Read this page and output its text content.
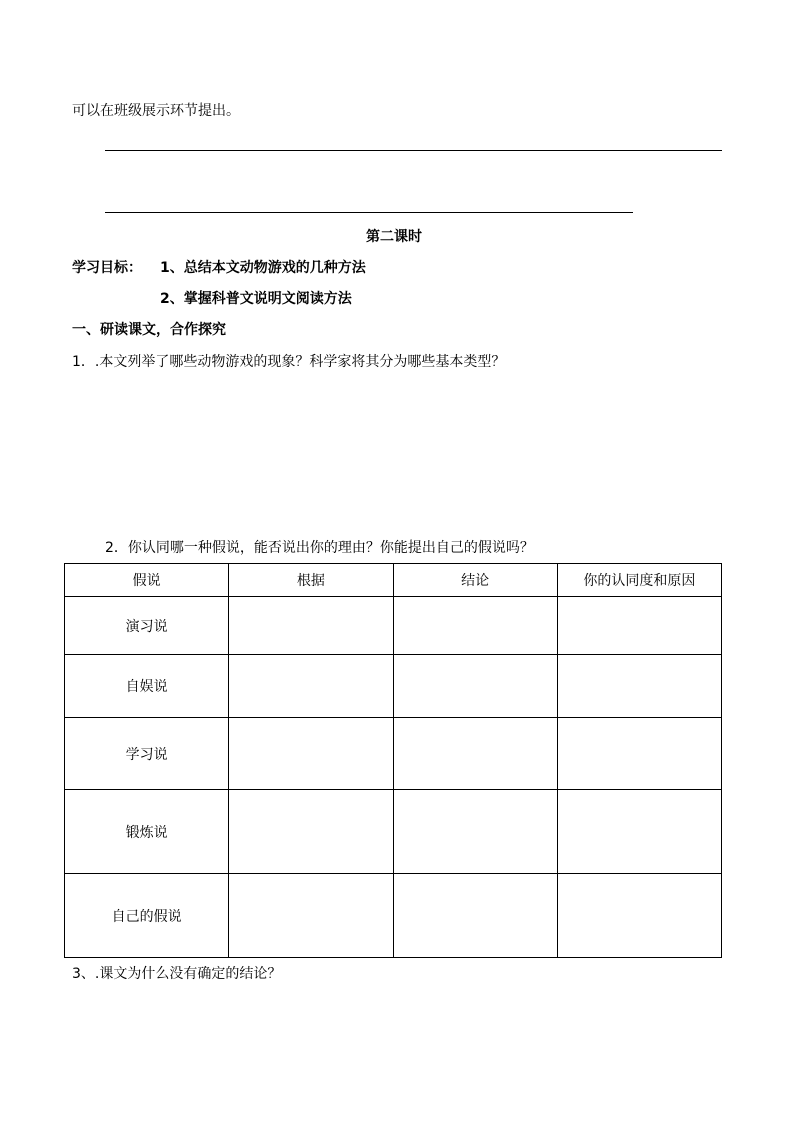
可以在班级展示环节提出。
第二课时
学习目标： 1、总结本文动物游戏的几种方法
2、掌握科普文说明文阅读方法
一、研读课文，合作探究
1．.本文列举了哪些动物游戏的现象？科学家将其分为哪些基本类型？
2．你认同哪一种假说，能否说出你的理由？你能提出自己的假说吗？
假说	根据	结论	你的认同度和原因
演习说			
自娱说			
学习说			
锻炼说			
自己的假说			
3、.课文为什么没有确定的结论？
